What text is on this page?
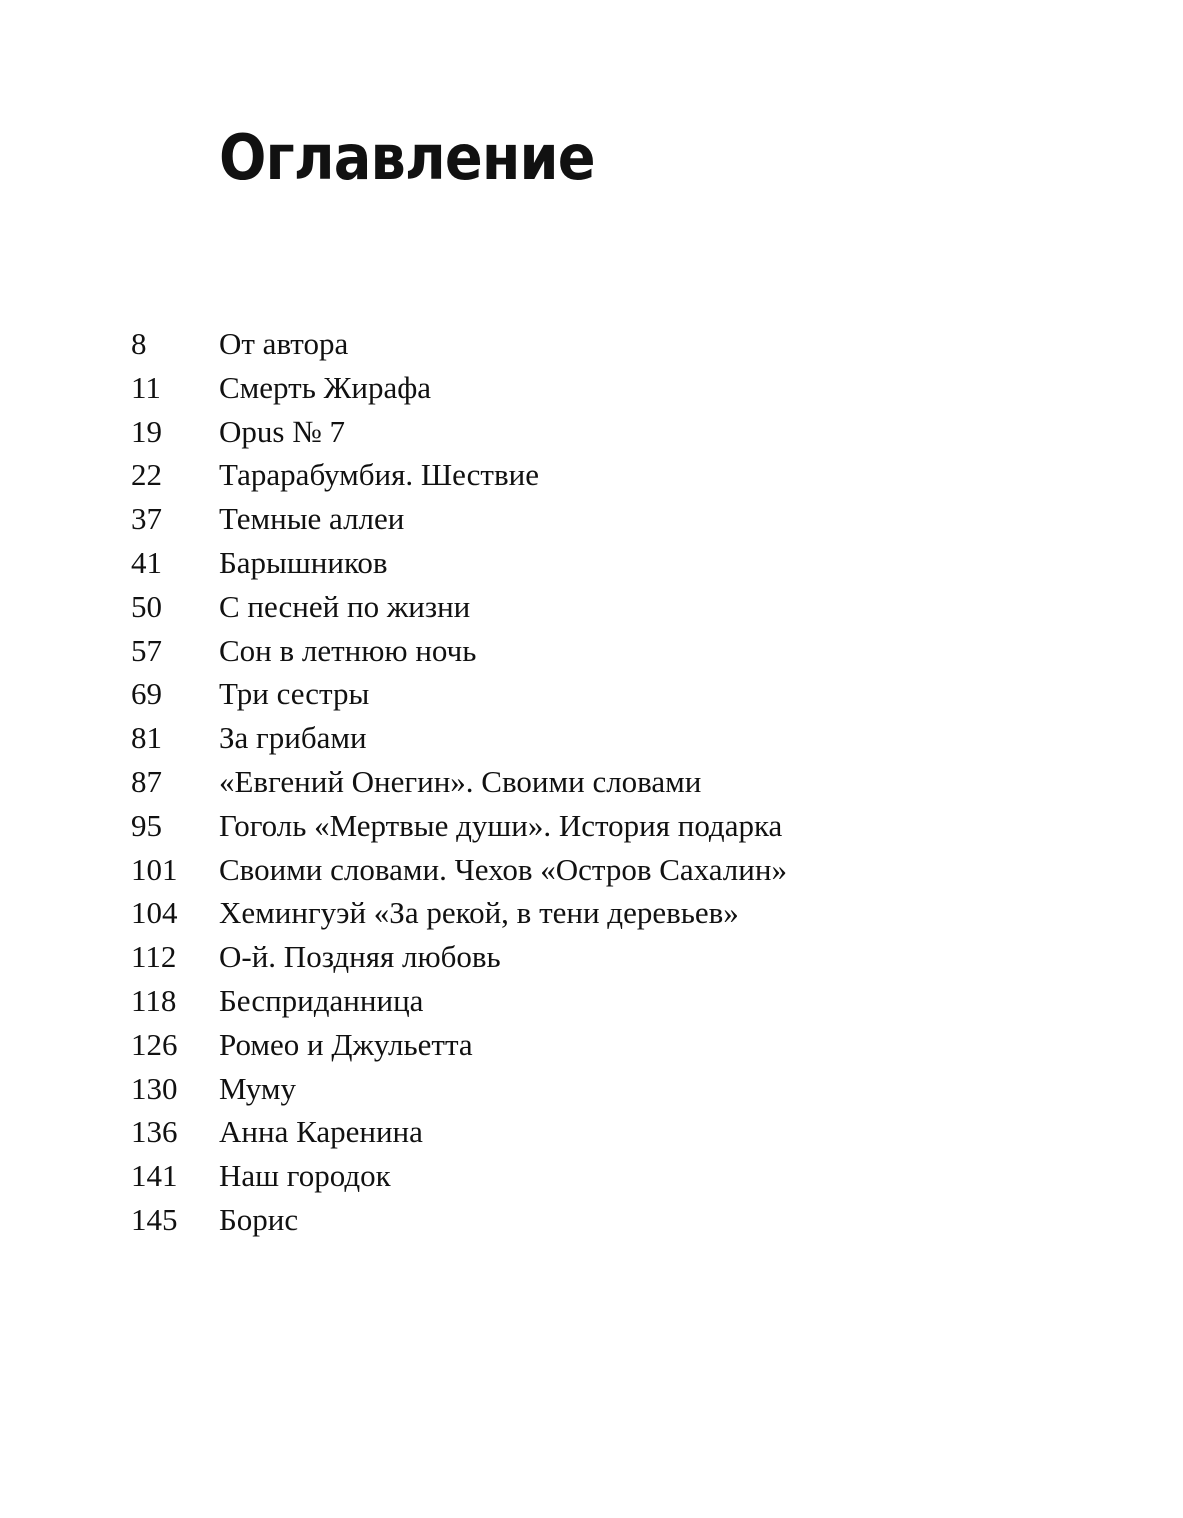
Оглавление
8	От автора
11	Смерть Жирафа
19	Opus № 7
22	Тарарабумбия. Шествие
37	Темные аллеи
41	Барышников
50	С песней по жизни
57	Сон в летнюю ночь
69	Три сестры
81	За грибами
87	«Евгений Онегин». Своими словами
95	Гоголь «Мертвые души». История подарка
101	Своими словами. Чехов «Остров Сахалин»
104	Хемингуэй «За рекой, в тени деревьев»
112	О-й. Поздняя любовь
118	Бесприданница
126	Ромео и Джульетта
130	Муму
136	Анна Каренина
141	Наш городок
145	Борис
